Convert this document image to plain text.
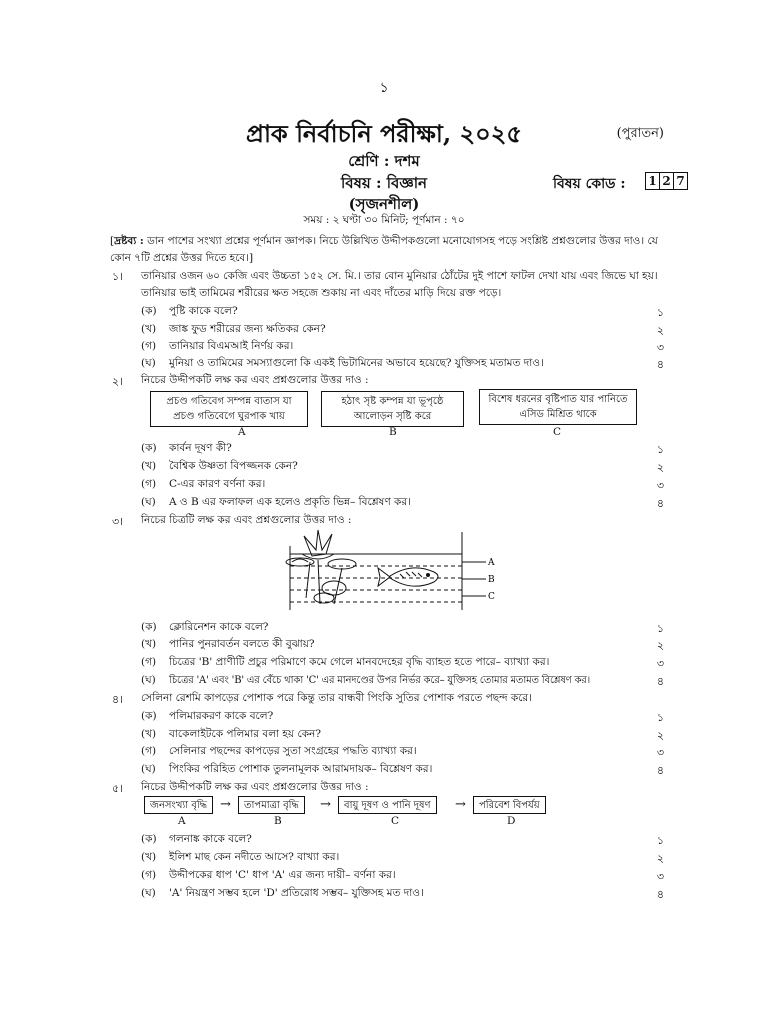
১
প্রাক নির্বাচনি পরীক্ষা, ২০২৫	(পুরাতন)
শ্রেণি : দশম
বিষয় : বিজ্ঞান	বিষয় কোড : 1 2 7
(সৃজনশীল)
সময় : ২ ঘণ্টা ৩০ মিনিট; পূর্ণমান : ৭০
[দ্রষ্টব্য : ডান পাশের সংখ্যা প্রশ্নের পূর্ণমান জ্ঞাপক। নিচে উল্লিখিত উদ্দীপকগুলো মনোযোগসহ পড়ে সংশ্লিষ্ট প্রশ্নগুলোর উত্তর দাও। যে কোন ৭টি প্রশ্নের উত্তর দিতে হবে।]
১। তানিয়ার ওজন ৬০ কেজি এবং উচ্চতা ১৫২ সে. মি.। তার বোন মুনিয়ার ঠোঁটের দুই পাশে ফাটল দেখা যায় এবং জিভে ঘা হয়। তানিয়ার ভাই তামিমের শরীরের ক্ষত সহজে শুকায় না এবং দাঁতের মাড়ি দিয়ে রক্ত পড়ে।
(ক) পুষ্টি কাকে বলে?	১
(খ) জাঙ্ক ফুড শরীরের জন্য ক্ষতিকর কেন?	২
(গ) তানিয়ার বিএমআই নির্ণয় কর।	৩
(ঘ) মুনিয়া ও তামিমের সমস্যাগুলো কি একই ভিটামিনের অভাবে হয়েছে? যুক্তিসহ মতামত দাও।	৪
২। নিচের উদ্দীপকটি লক্ষ কর এবং প্রশ্নগুলোর উত্তর দাও :
প্রচণ্ড গতিবেগ সম্পন্ন বাতাস যা প্রচণ্ড গতিবেগে ঘুরপাক খায়
হঠাৎ সৃষ্ট কম্পন্ন যা ভূপৃষ্ঠে আলোড়ন সৃষ্টি করে
বিশেষ ধরনের বৃষ্টিপাত যার পানিতে এসিড মিশ্রিত থাকে
A	B	C
(ক) কার্বন দূষণ কী?	১
(খ) বৈশ্বিক উষ্ণতা বিপজ্জনক কেন?	২
(গ) C-এর কারণ বর্ণনা কর।	৩
(ঘ) A ও B এর ফলাফল এক হলেও প্রকৃতি ভিন্ন– বিশ্লেষণ কর।	৪
৩। নিচের চিত্রটি লক্ষ কর এবং প্রশ্নগুলোর উত্তর দাও :
A
B
C
(ক) ক্লোরিনেশন কাকে বলে?	১
(খ) পানির পুনরাবর্তন বলতে কী বুঝায়?	২
(গ) চিত্রের 'B' প্রাণীটি প্রচুর পরিমাণে কমে গেলে মানবদেহের বৃদ্ধি ব্যাহত হতে পারে– ব্যাখ্যা কর।	৩
(ঘ) চিত্রের 'A' এবং 'B' এর বেঁচে থাকা 'C' এর মানদণ্ডের উপর নির্ভর করে– যুক্তিসহ তোমার মতামত বিশ্লেষণ কর।	৪
৪। সেলিনা রেশমি কাপড়ের পোশাক পরে কিন্তু তার বান্ধবী পিংকি সুতির পোশাক পরতে পছন্দ করে।
(ক) পলিমারকরণ কাকে বলে?	১
(খ) বাকেলাইটকে পলিমার বলা হয় কেন?	২
(গ) সেলিনার পছন্দের কাপড়ের সুতা সংগ্রহের পদ্ধতি ব্যাখ্যা কর।	৩
(ঘ) পিংকির পরিহিত পোশাক তুলনামূলক আরামদায়ক– বিশ্লেষণ কর।	৪
৫। নিচের উদ্দীপকটি লক্ষ কর এবং প্রশ্নগুলোর উত্তর দাও :
জনসংখ্যা বৃদ্ধি →	তাপমাত্রা বৃদ্ধি	→	বায়ু দূষণ ও পানি দূষণ	→	পরিবেশ বিপর্যয়
A	B	C	D
(ক) গলনাঙ্ক কাকে বলে?	১
(খ) ইলিশ মাছ কেন নদীতে আসে? বাখ্যা কর।	২
(গ) উদ্দীপকের ধাপ 'C' ধাপ 'A' এর জন্য দায়ী– বর্ণনা কর।	৩
(ঘ) 'A' নিয়ন্ত্রণ সম্ভব হলে 'D' প্রতিরোধ সম্ভব– যুক্তিসহ মত দাও।	৪
